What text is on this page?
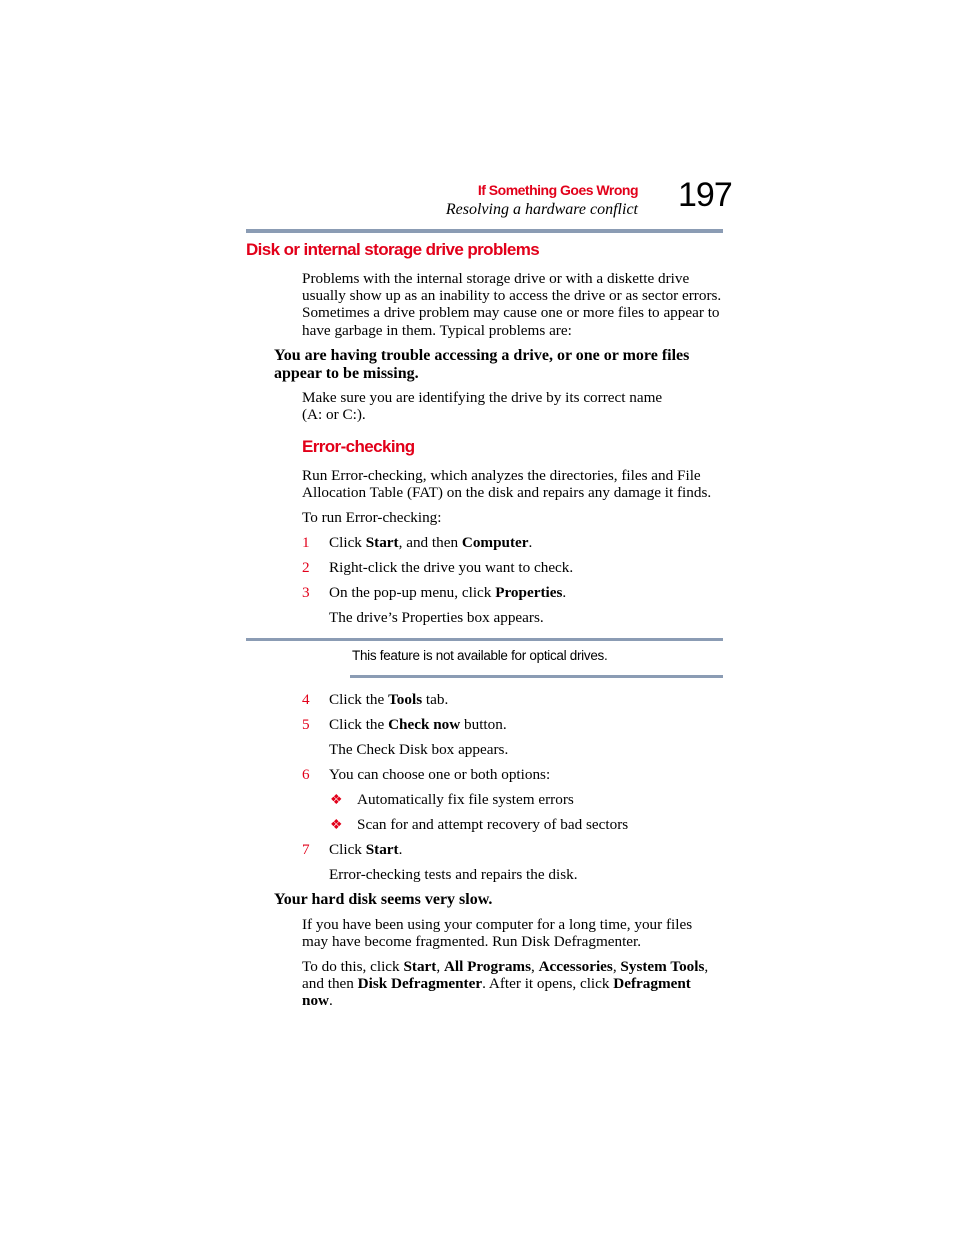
If Something Goes Wrong
Resolving a hardware conflict 197
Disk or internal storage drive problems
Problems with the internal storage drive or with a diskette drive usually show up as an inability to access the drive or as sector errors. Sometimes a drive problem may cause one or more files to appear to have garbage in them. Typical problems are:
You are having trouble accessing a drive, or one or more files appear to be missing.
Make sure you are identifying the drive by its correct name
(A: or C:).
Error-checking
Run Error-checking, which analyzes the directories, files and File Allocation Table (FAT) on the disk and repairs any damage it finds.
To run Error-checking:
1 Click Start, and then Computer.
2 Right-click the drive you want to check.
3 On the pop-up menu, click Properties.
The drive’s Properties box appears.
This feature is not available for optical drives.
4 Click the Tools tab.
5 Click the Check now button.
The Check Disk box appears.
6 You can choose one or both options:
❖ Automatically fix file system errors
❖ Scan for and attempt recovery of bad sectors
7 Click Start.
Error-checking tests and repairs the disk.
Your hard disk seems very slow.
If you have been using your computer for a long time, your files may have become fragmented. Run Disk Defragmenter.
To do this, click Start, All Programs, Accessories, System Tools, and then Disk Defragmenter. After it opens, click Defragment now.
